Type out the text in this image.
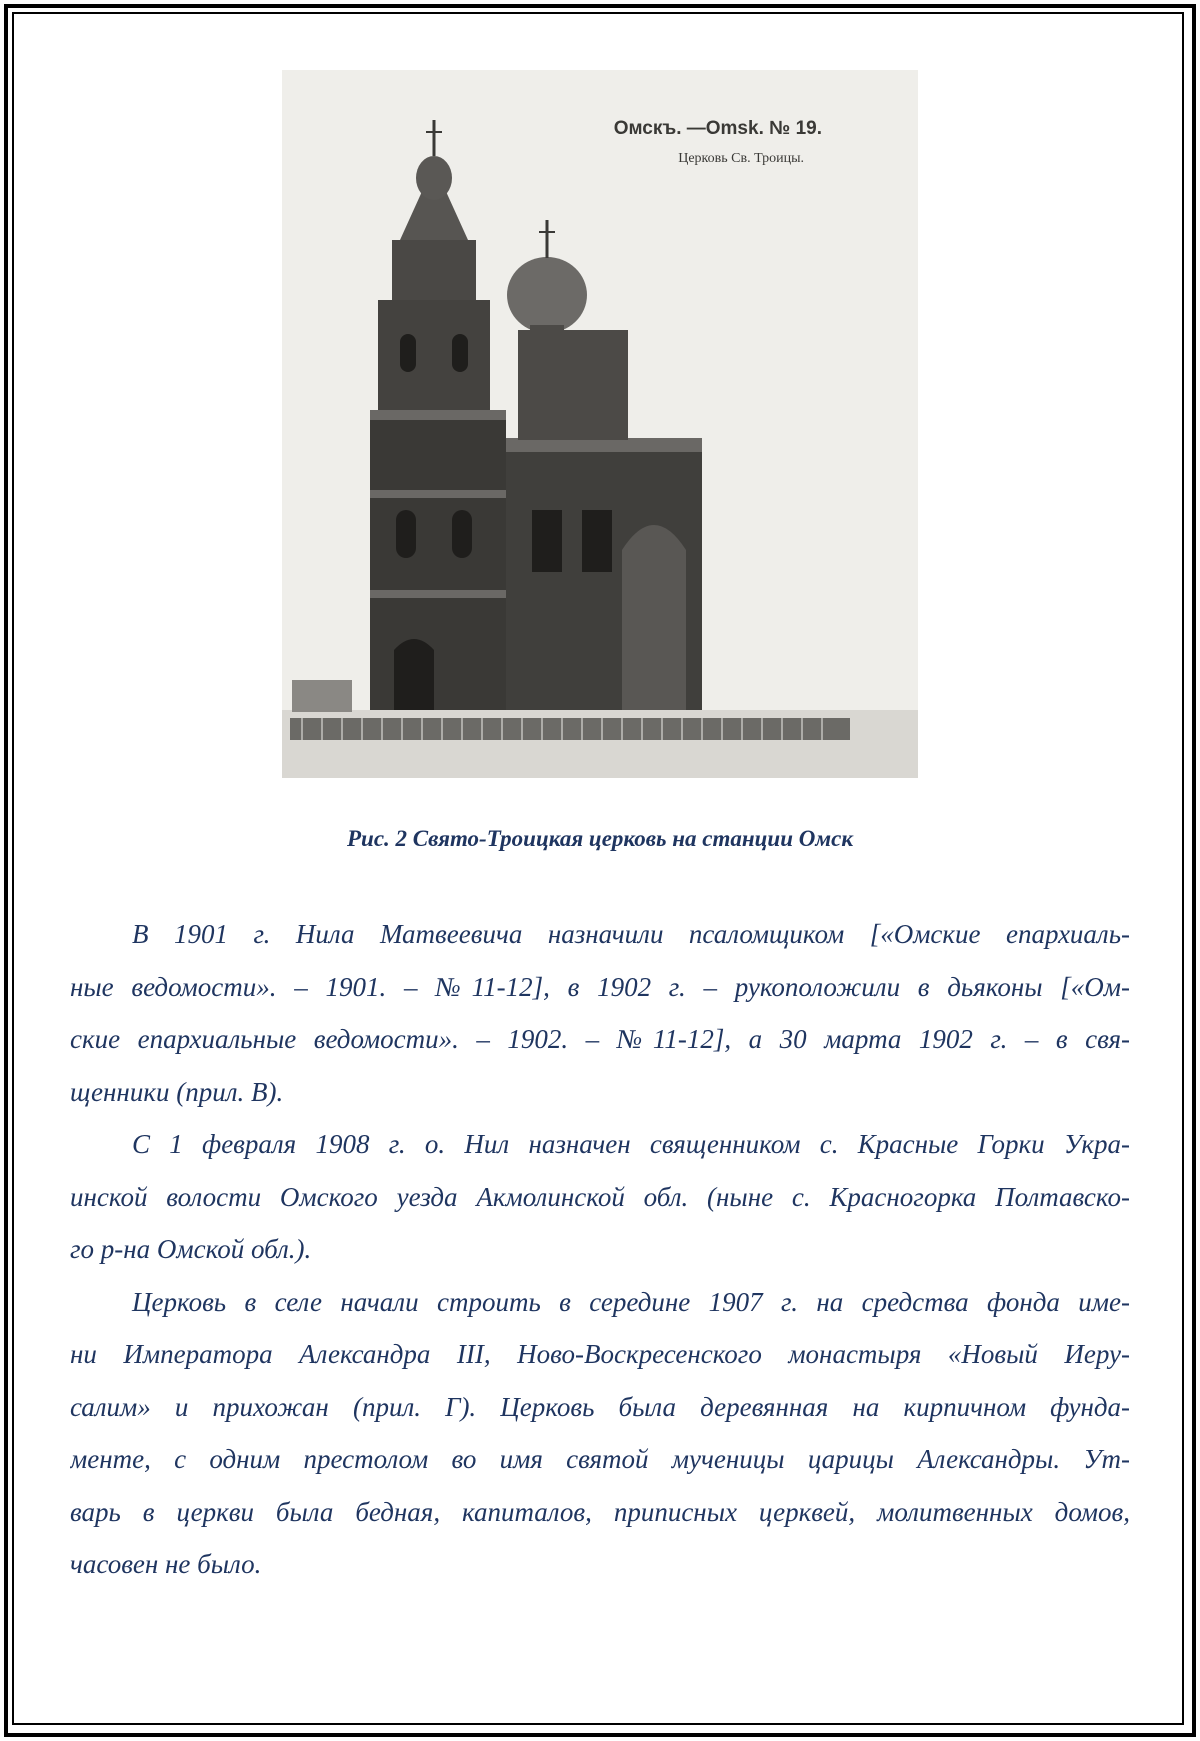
Омскъ. —Omsk. № 19.
Церковь Св. Троицы.
Рис. 2 Свято-Троицкая церковь на станции Омск
В 1901 г. Нила Матвеевича назначили псаломщиком [«Омские епархиаль-
ные ведомости». – 1901. – №11-12], в 1902 г. – рукоположили в дьяконы [«Ом-
ские епархиальные ведомости». – 1902. – №11-12], а 30 марта 1902 г. – в свя-
щенники (прил. В).
С 1 февраля 1908 г. о. Нил назначен священником с. Красные Горки Укра-
инской волости Омского уезда Акмолинской обл. (ныне с. Красногорка Полтавско-
го р-на Омской обл.).
Церковь в селе начали строить в середине 1907 г. на средства фонда име-
ни Императора Александра III, Ново-Воскресенского монастыря «Новый Иеру-
салим» и прихожан (прил. Г). Церковь была деревянная на кирпичном фунда-
менте, с одним престолом во имя святой мученицы царицы Александры. Ут-
варь в церкви была бедная, капиталов, приписных церквей, молитвенных домов,
часовен не было.
